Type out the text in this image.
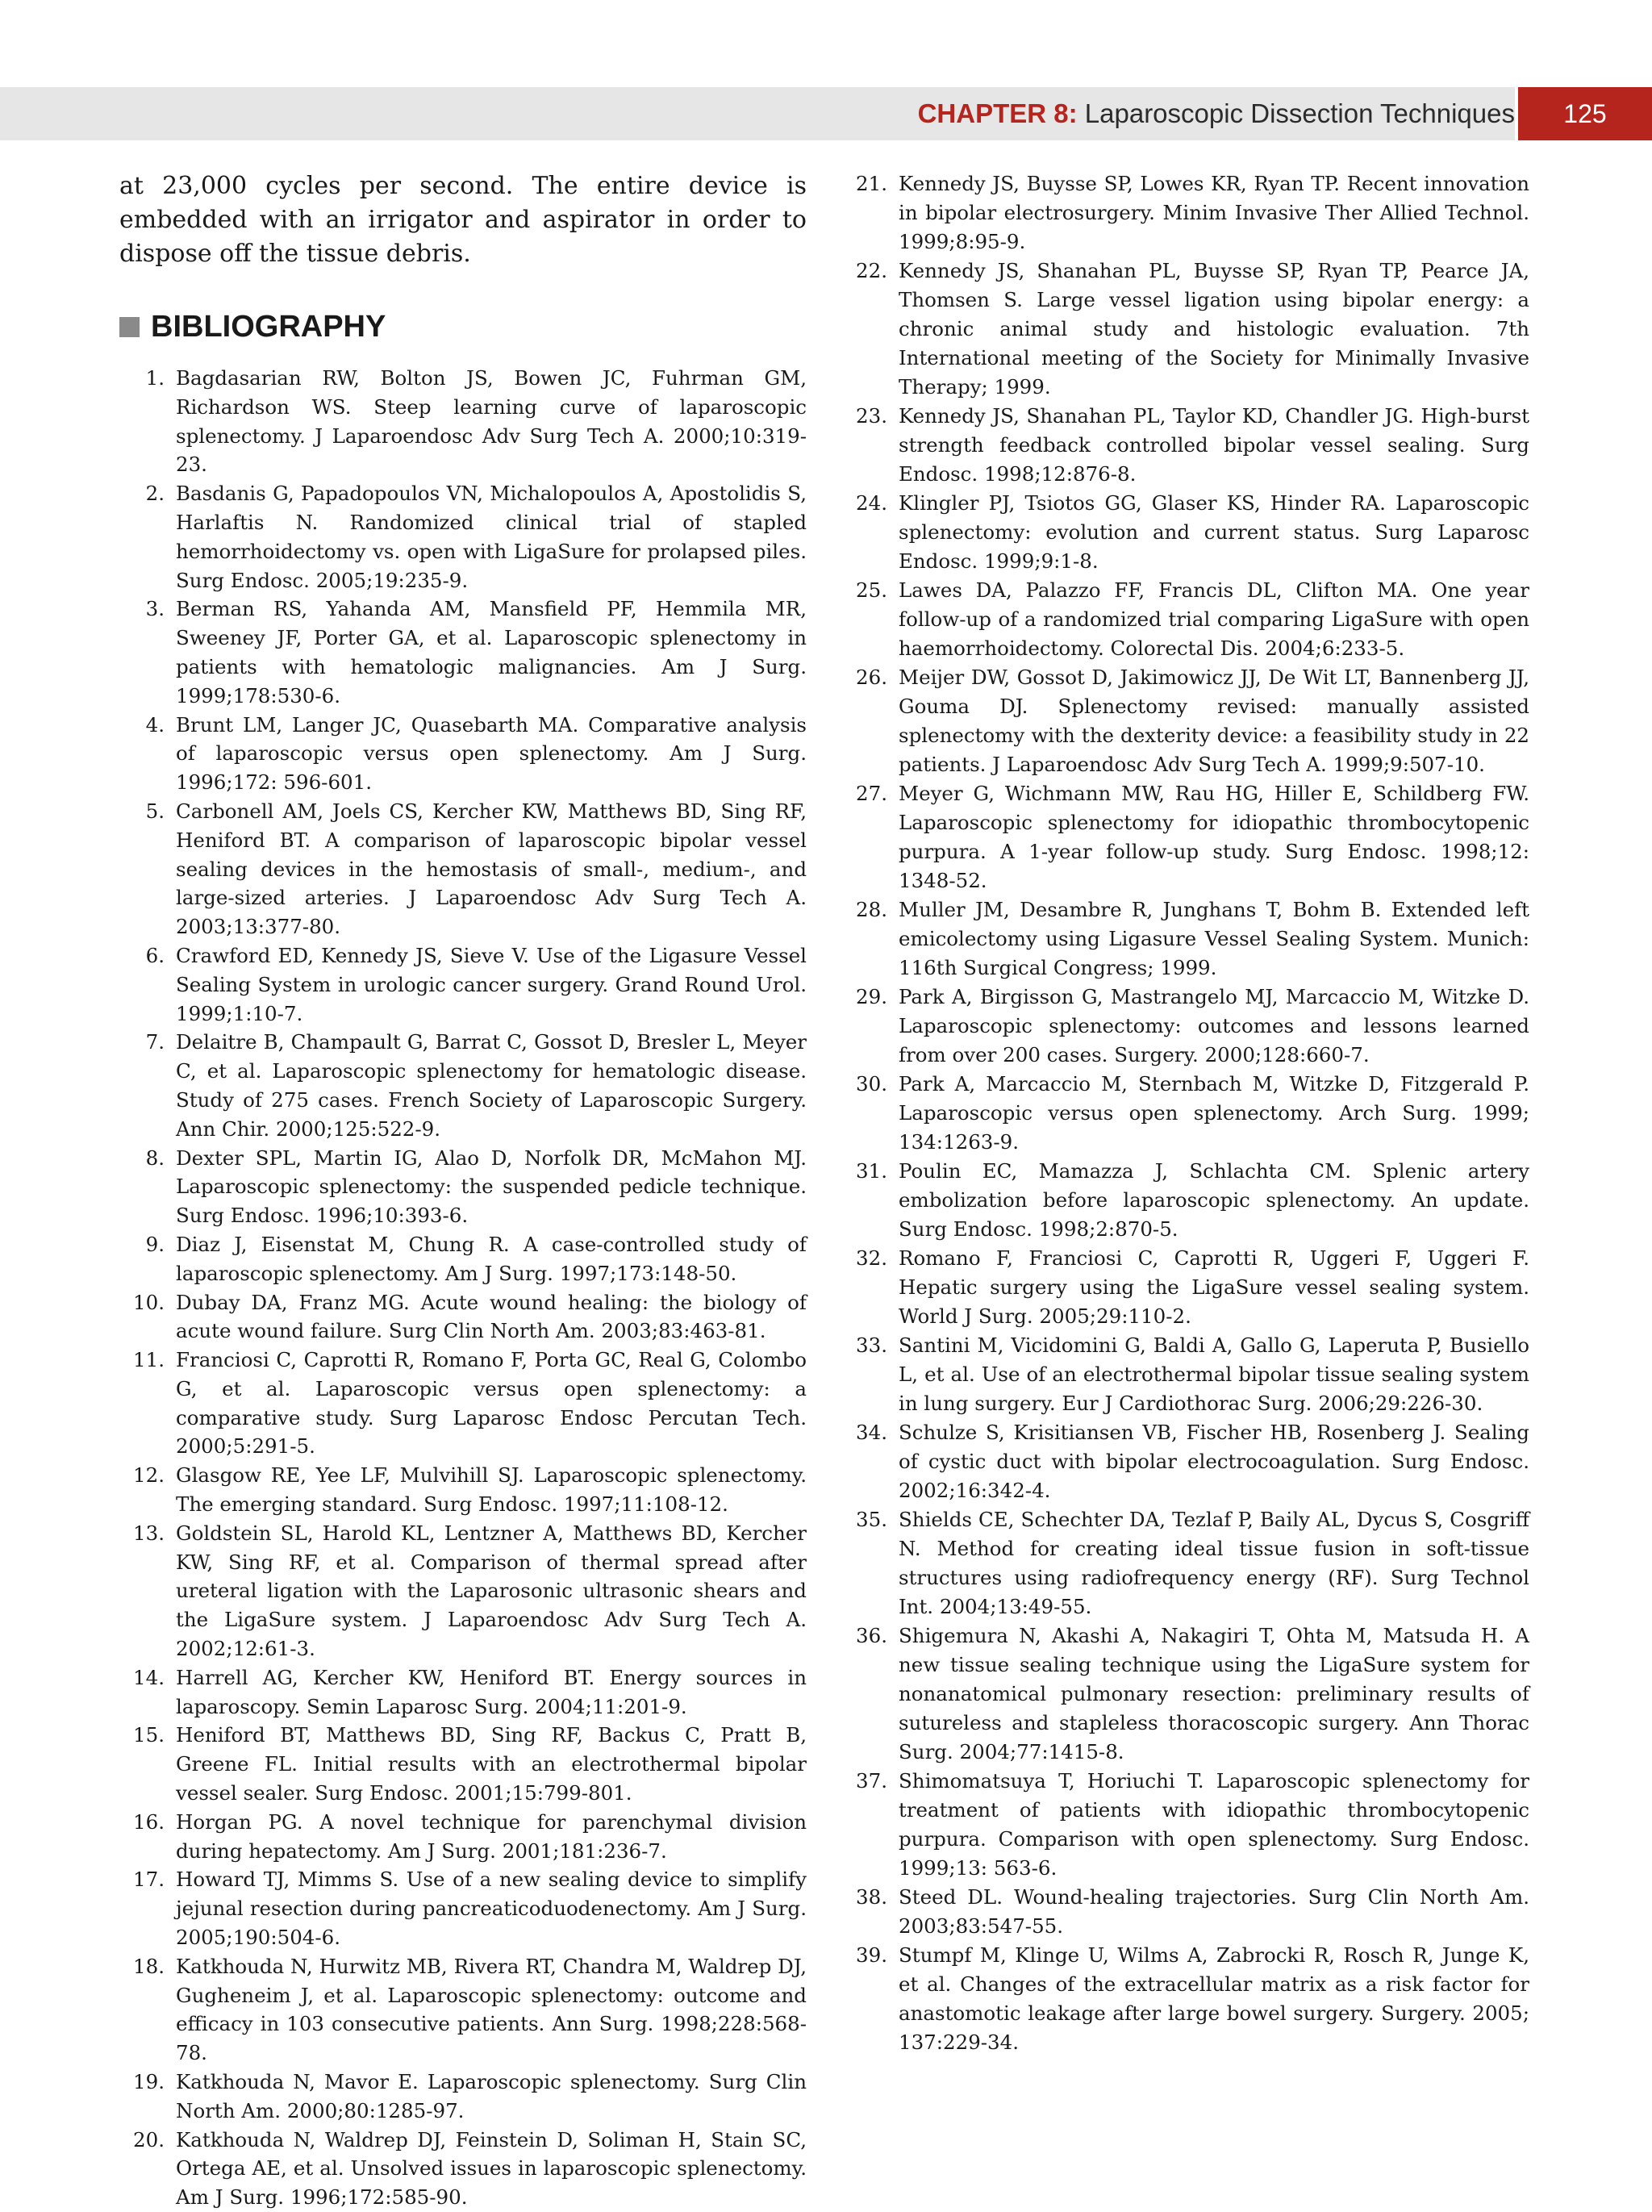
CHAPTER 8: Laparoscopic Dissection Techniques	125

at 23,000 cycles per second. The entire device is embedded with an irrigator and aspirator in order to dispose off the tissue debris.

BIBLIOGRAPHY
1. Bagdasarian RW, Bolton JS, Bowen JC, Fuhrman GM, Richardson WS. Steep learning curve of laparoscopic splenectomy. J Laparoendosc Adv Surg Tech A. 2000;10:319-23.
2. Basdanis G, Papadopoulos VN, Michalopoulos A, Apostolidis S, Harlaftis N. Randomized clinical trial of stapled hemorrhoidectomy vs. open with LigaSure for prolapsed piles. Surg Endosc. 2005;19:235-9.
3. Berman RS, Yahanda AM, Mansfield PF, Hemmila MR, Sweeney JF, Porter GA, et al. Laparoscopic splenectomy in patients with hematologic malignancies. Am J Surg. 1999;178:530-6.
4. Brunt LM, Langer JC, Quasebarth MA. Comparative analysis of laparoscopic versus open splenectomy. Am J Surg. 1996;172: 596-601.
5. Carbonell AM, Joels CS, Kercher KW, Matthews BD, Sing RF, Heniford BT. A comparison of laparoscopic bipolar vessel sealing devices in the hemostasis of small-, medium-, and large-sized arteries. J Laparoendosc Adv Surg Tech A. 2003;13:377-80.
6. Crawford ED, Kennedy JS, Sieve V. Use of the Ligasure Vessel Sealing System in urologic cancer surgery. Grand Round Urol. 1999;1:10-7.
7. Delaitre B, Champault G, Barrat C, Gossot D, Bresler L, Meyer C, et al. Laparoscopic splenectomy for hematologic disease. Study of 275 cases. French Society of Laparoscopic Surgery. Ann Chir. 2000;125:522-9.
8. Dexter SPL, Martin IG, Alao D, Norfolk DR, McMahon MJ. Laparoscopic splenectomy: the suspended pedicle technique. Surg Endosc. 1996;10:393-6.
9. Diaz J, Eisenstat M, Chung R. A case-controlled study of laparoscopic splenectomy. Am J Surg. 1997;173:148-50.
10. Dubay DA, Franz MG. Acute wound healing: the biology of acute wound failure. Surg Clin North Am. 2003;83:463-81.
11. Franciosi C, Caprotti R, Romano F, Porta GC, Real G, Colombo G, et al. Laparoscopic versus open splenectomy: a comparative study. Surg Laparosc Endosc Percutan Tech. 2000;5:291-5.
12. Glasgow RE, Yee LF, Mulvihill SJ. Laparoscopic splenectomy. The emerging standard. Surg Endosc. 1997;11:108-12.
13. Goldstein SL, Harold KL, Lentzner A, Matthews BD, Kercher KW, Sing RF, et al. Comparison of thermal spread after ureteral ligation with the Laparosonic ultrasonic shears and the LigaSure system. J Laparoendosc Adv Surg Tech A. 2002;12:61-3.
14. Harrell AG, Kercher KW, Heniford BT. Energy sources in laparoscopy. Semin Laparosc Surg. 2004;11:201-9.
15. Heniford BT, Matthews BD, Sing RF, Backus C, Pratt B, Greene FL. Initial results with an electrothermal bipolar vessel sealer. Surg Endosc. 2001;15:799-801.
16. Horgan PG. A novel technique for parenchymal division during hepatectomy. Am J Surg. 2001;181:236-7.
17. Howard TJ, Mimms S. Use of a new sealing device to simplify jejunal resection during pancreaticoduodenectomy. Am J Surg. 2005;190:504-6.
18. Katkhouda N, Hurwitz MB, Rivera RT, Chandra M, Waldrep DJ, Gugheneim J, et al. Laparoscopic splenectomy: outcome and efficacy in 103 consecutive patients. Ann Surg. 1998;228:568-78.
19. Katkhouda N, Mavor E. Laparoscopic splenectomy. Surg Clin North Am. 2000;80:1285-97.
20. Katkhouda N, Waldrep DJ, Feinstein D, Soliman H, Stain SC, Ortega AE, et al. Unsolved issues in laparoscopic splenectomy. Am J Surg. 1996;172:585-90.
21. Kennedy JS, Buysse SP, Lowes KR, Ryan TP. Recent innovation in bipolar electrosurgery. Minim Invasive Ther Allied Technol. 1999;8:95-9.
22. Kennedy JS, Shanahan PL, Buysse SP, Ryan TP, Pearce JA, Thomsen S. Large vessel ligation using bipolar energy: a chronic animal study and histologic evaluation. 7th International meeting of the Society for Minimally Invasive Therapy; 1999.
23. Kennedy JS, Shanahan PL, Taylor KD, Chandler JG. High-burst strength feedback controlled bipolar vessel sealing. Surg Endosc. 1998;12:876-8.
24. Klingler PJ, Tsiotos GG, Glaser KS, Hinder RA. Laparoscopic splenectomy: evolution and current status. Surg Laparosc Endosc. 1999;9:1-8.
25. Lawes DA, Palazzo FF, Francis DL, Clifton MA. One year follow-up of a randomized trial comparing LigaSure with open haemorrhoidectomy. Colorectal Dis. 2004;6:233-5.
26. Meijer DW, Gossot D, Jakimowicz JJ, De Wit LT, Bannenberg JJ, Gouma DJ. Splenectomy revised: manually assisted splenectomy with the dexterity device: a feasibility study in 22 patients. J Laparoendosc Adv Surg Tech A. 1999;9:507-10.
27. Meyer G, Wichmann MW, Rau HG, Hiller E, Schildberg FW. Laparoscopic splenectomy for idiopathic thrombocytopenic purpura. A 1-year follow-up study. Surg Endosc. 1998;12: 1348-52.
28. Muller JM, Desambre R, Junghans T, Bohm B. Extended left emicolectomy using Ligasure Vessel Sealing System. Munich: 116th Surgical Congress; 1999.
29. Park A, Birgisson G, Mastrangelo MJ, Marcaccio M, Witzke D. Laparoscopic splenectomy: outcomes and lessons learned from over 200 cases. Surgery. 2000;128:660-7.
30. Park A, Marcaccio M, Sternbach M, Witzke D, Fitzgerald P. Laparoscopic versus open splenectomy. Arch Surg. 1999; 134:1263-9.
31. Poulin EC, Mamazza J, Schlachta CM. Splenic artery embolization before laparoscopic splenectomy. An update. Surg Endosc. 1998;2:870-5.
32. Romano F, Franciosi C, Caprotti R, Uggeri F, Uggeri F. Hepatic surgery using the LigaSure vessel sealing system. World J Surg. 2005;29:110-2.
33. Santini M, Vicidomini G, Baldi A, Gallo G, Laperuta P, Busiello L, et al. Use of an electrothermal bipolar tissue sealing system in lung surgery. Eur J Cardiothorac Surg. 2006;29:226-30.
34. Schulze S, Krisitiansen VB, Fischer HB, Rosenberg J. Sealing of cystic duct with bipolar electrocoagulation. Surg Endosc. 2002;16:342-4.
35. Shields CE, Schechter DA, Tezlaf P, Baily AL, Dycus S, Cosgriff N. Method for creating ideal tissue fusion in soft-tissue structures using radiofrequency energy (RF). Surg Technol Int. 2004;13:49-55.
36. Shigemura N, Akashi A, Nakagiri T, Ohta M, Matsuda H. A new tissue sealing technique using the LigaSure system for nonanatomical pulmonary resection: preliminary results of sutureless and stapleless thoracoscopic surgery. Ann Thorac Surg. 2004;77:1415-8.
37. Shimomatsuya T, Horiuchi T. Laparoscopic splenectomy for treatment of patients with idiopathic thrombocytopenic purpura. Comparison with open splenectomy. Surg Endosc. 1999;13: 563-6.
38. Steed DL. Wound-healing trajectories. Surg Clin North Am. 2003;83:547-55.
39. Stumpf M, Klinge U, Wilms A, Zabrocki R, Rosch R, Junge K, et al. Changes of the extracellular matrix as a risk factor for anastomotic leakage after large bowel surgery. Surgery. 2005; 137:229-34.
